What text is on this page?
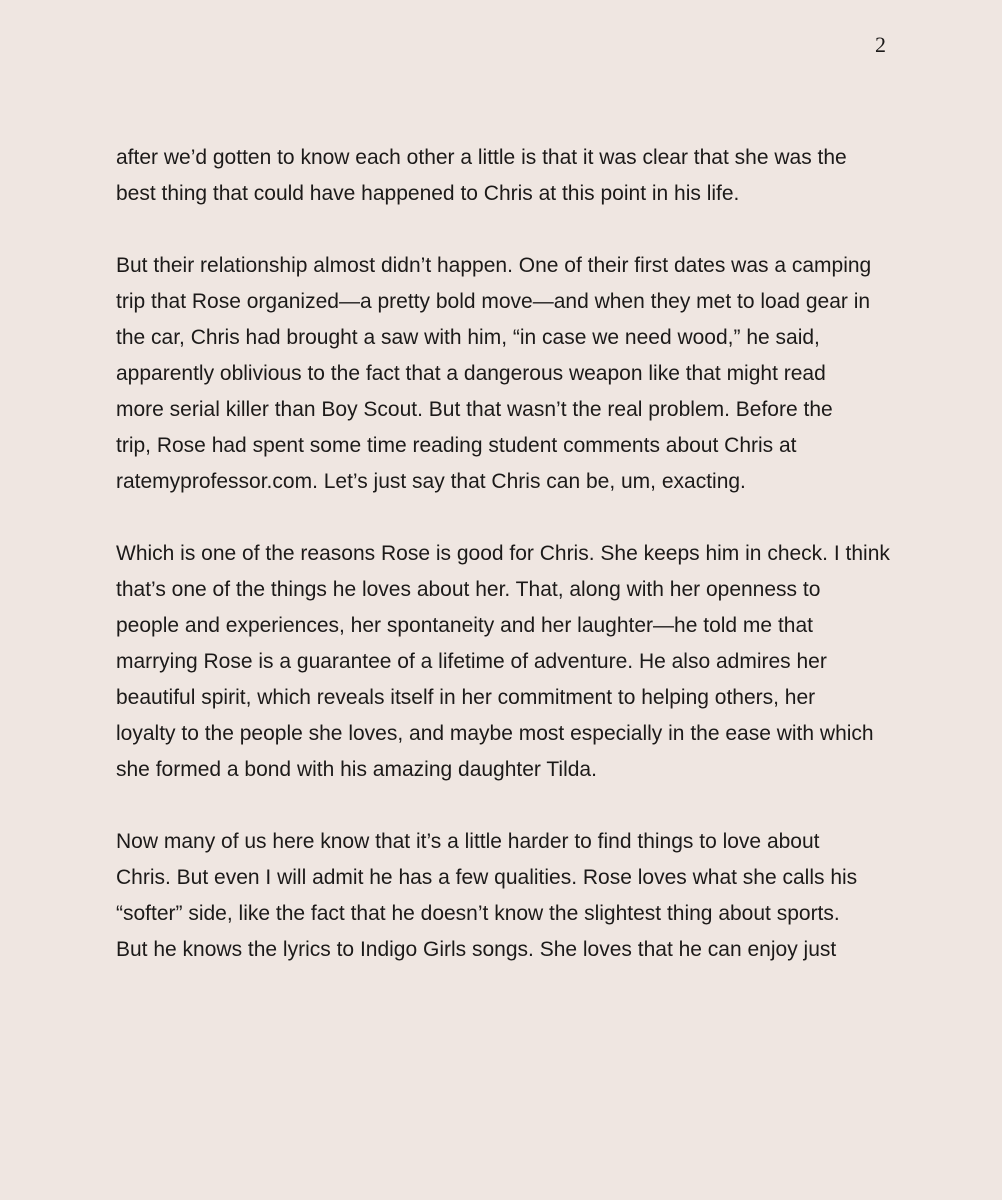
2

after we’d gotten to know each other a little is that it was clear that she was the
best thing that could have happened to Chris at this point in his life.

But their relationship almost didn’t happen. One of their first dates was a camping
trip that Rose organized—a pretty bold move—and when they met to load gear in
the car, Chris had brought a saw with him, “in case we need wood,” he said,
apparently oblivious to the fact that a dangerous weapon like that might read
more serial killer than Boy Scout. But that wasn’t the real problem. Before the
trip, Rose had spent some time reading student comments about Chris at
ratemyprofessor.com. Let’s just say that Chris can be, um, exacting.

Which is one of the reasons Rose is good for Chris. She keeps him in check. I think
that’s one of the things he loves about her. That, along with her openness to
people and experiences, her spontaneity and her laughter—he told me that
marrying Rose is a guarantee of a lifetime of adventure. He also admires her
beautiful spirit, which reveals itself in her commitment to helping others, her
loyalty to the people she loves, and maybe most especially in the ease with which
she formed a bond with his amazing daughter Tilda.

Now many of us here know that it’s a little harder to find things to love about
Chris. But even I will admit he has a few qualities. Rose loves what she calls his
“softer” side, like the fact that he doesn’t know the slightest thing about sports.
But he knows the lyrics to Indigo Girls songs. She loves that he can enjoy just
